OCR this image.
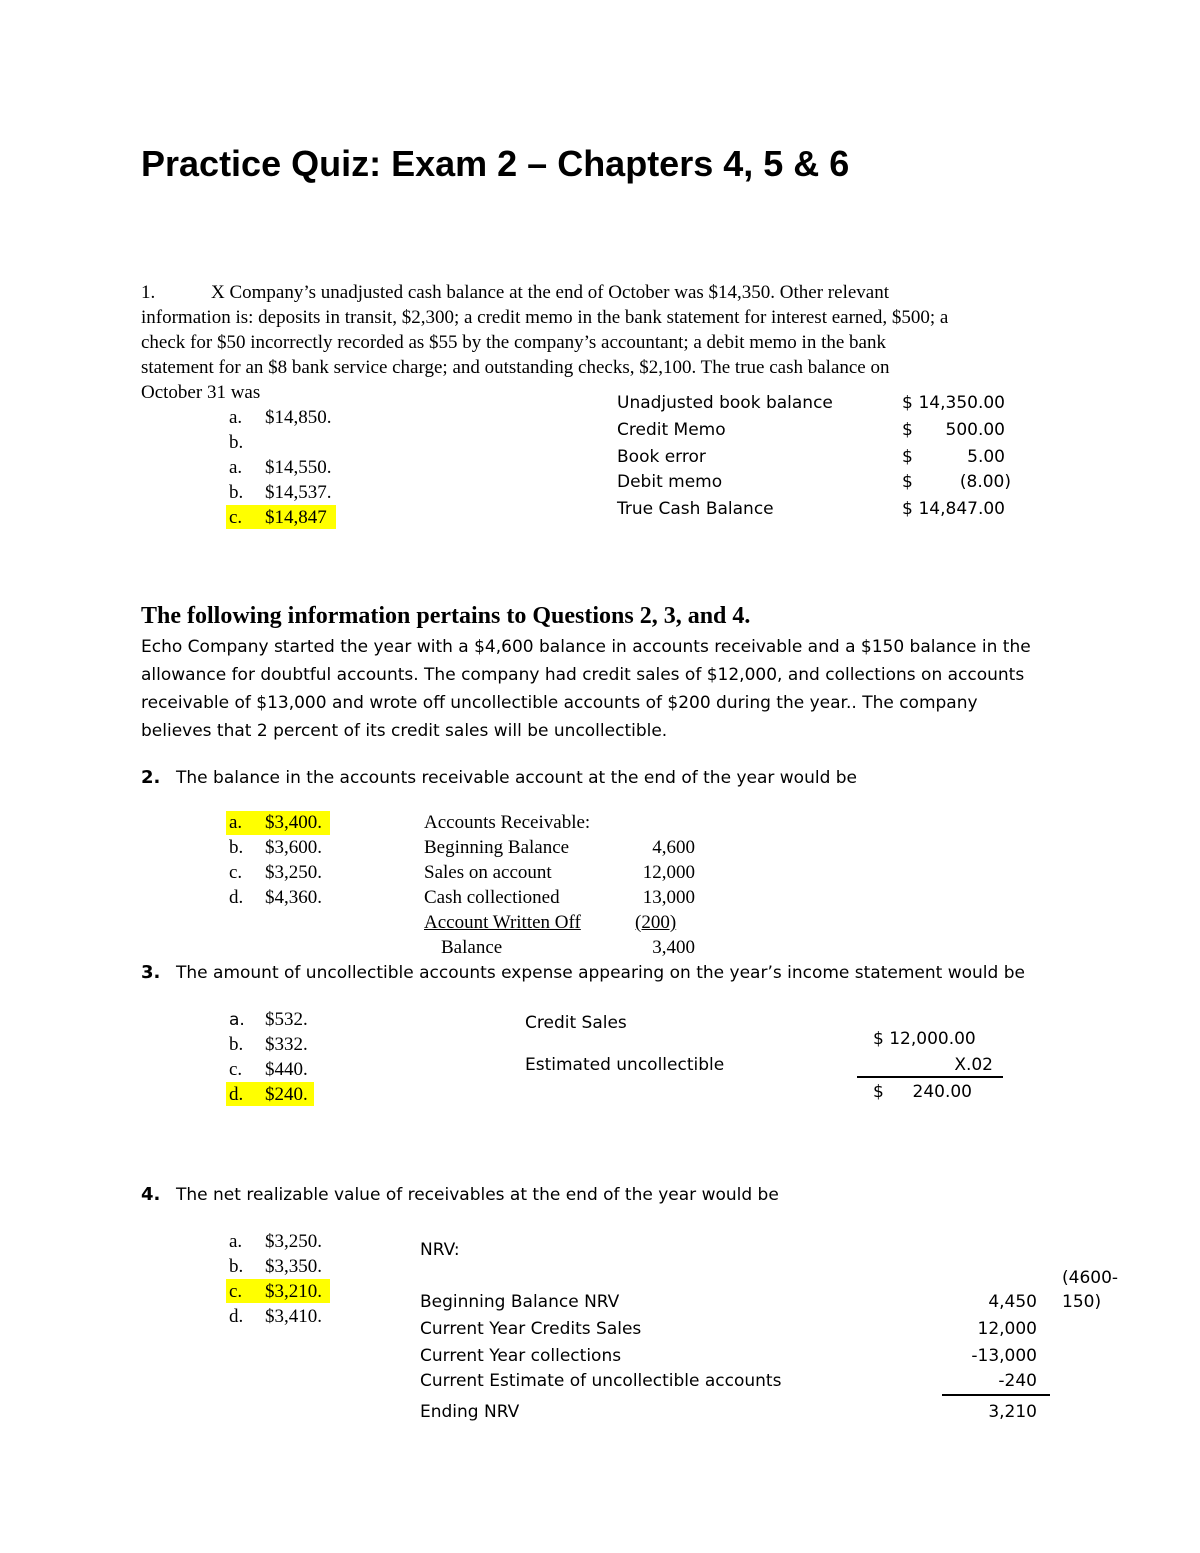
Practice Quiz: Exam 2 – Chapters 4, 5 & 6
1.	X Company’s unadjusted cash balance at the end of October was $14,350. Other relevant
information is: deposits in transit, $2,300; a credit memo in the bank statement for interest earned, $500; a
check for $50 incorrectly recorded as $55 by the company’s accountant; a debit memo in the bank
statement for an $8 bank service charge; and outstanding checks, $2,100. The true cash balance on
October 31 was
a. $14,850.
b.
a. $14,550.
b. $14,537.
c. $14,847
Unadjusted book balance	$ 14,350.00
Credit Memo	$	500.00
Book error	$	5.00
Debit memo	$	(8.00)
True Cash Balance	$ 14,847.00
The following information pertains to Questions 2, 3, and 4.
Echo Company started the year with a $4,600 balance in accounts receivable and a $150 balance in the
allowance for doubtful accounts. The company had credit sales of $12,000, and collections on accounts
receivable of $13,000 and wrote off uncollectible accounts of $200 during the year.. The company
believes that 2 percent of its credit sales will be uncollectible.
2. The balance in the accounts receivable account at the end of the year would be
a. $3,400.
b. $3,600.
c. $3,250.
d. $4,360.
Accounts Receivable:
Beginning Balance	4,600
Sales on account	12,000
Cash collectioned	13,000
Account Written Off	(200)
Balance	3,400
3. The amount of uncollectible accounts expense appearing on the year’s income statement would be
a. $532.
b. $332.
c. $440.
d. $240.
Credit Sales
$ 12,000.00
Estimated uncollectible	X.02
$	240.00
4. The net realizable value of receivables at the end of the year would be
a. $3,250.
b. $3,350.
c. $3,210.
d. $3,410.
NRV:
(4600-
150)
Beginning Balance NRV	4,450
Current Year Credits Sales	12,000
Current Year collections	-13,000
Current Estimate of uncollectible accounts	-240
Ending NRV	3,210
